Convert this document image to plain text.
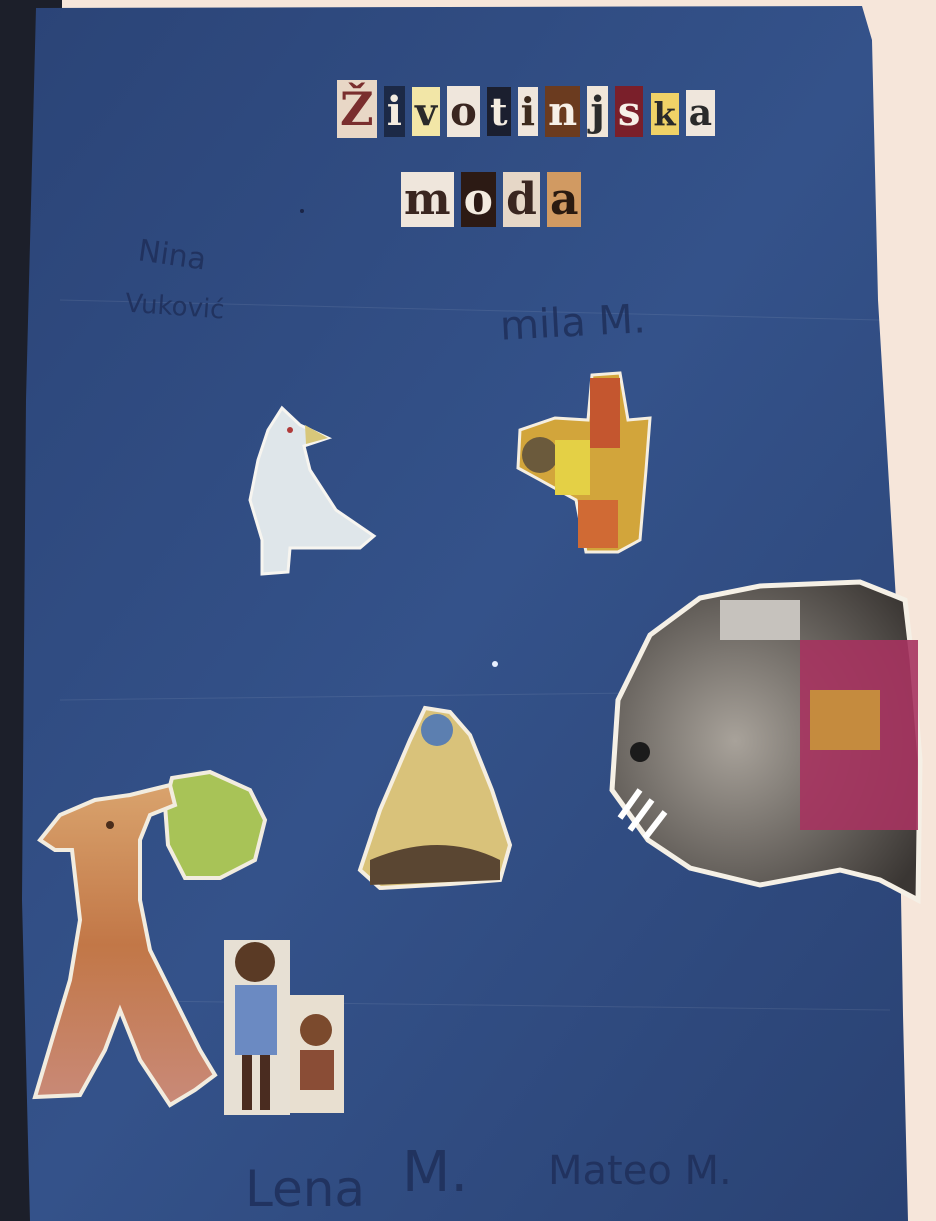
Ž i v o t i n j s k a
m o d a
Nina
Vuković	mila M.
Lena M. Mateo M.
